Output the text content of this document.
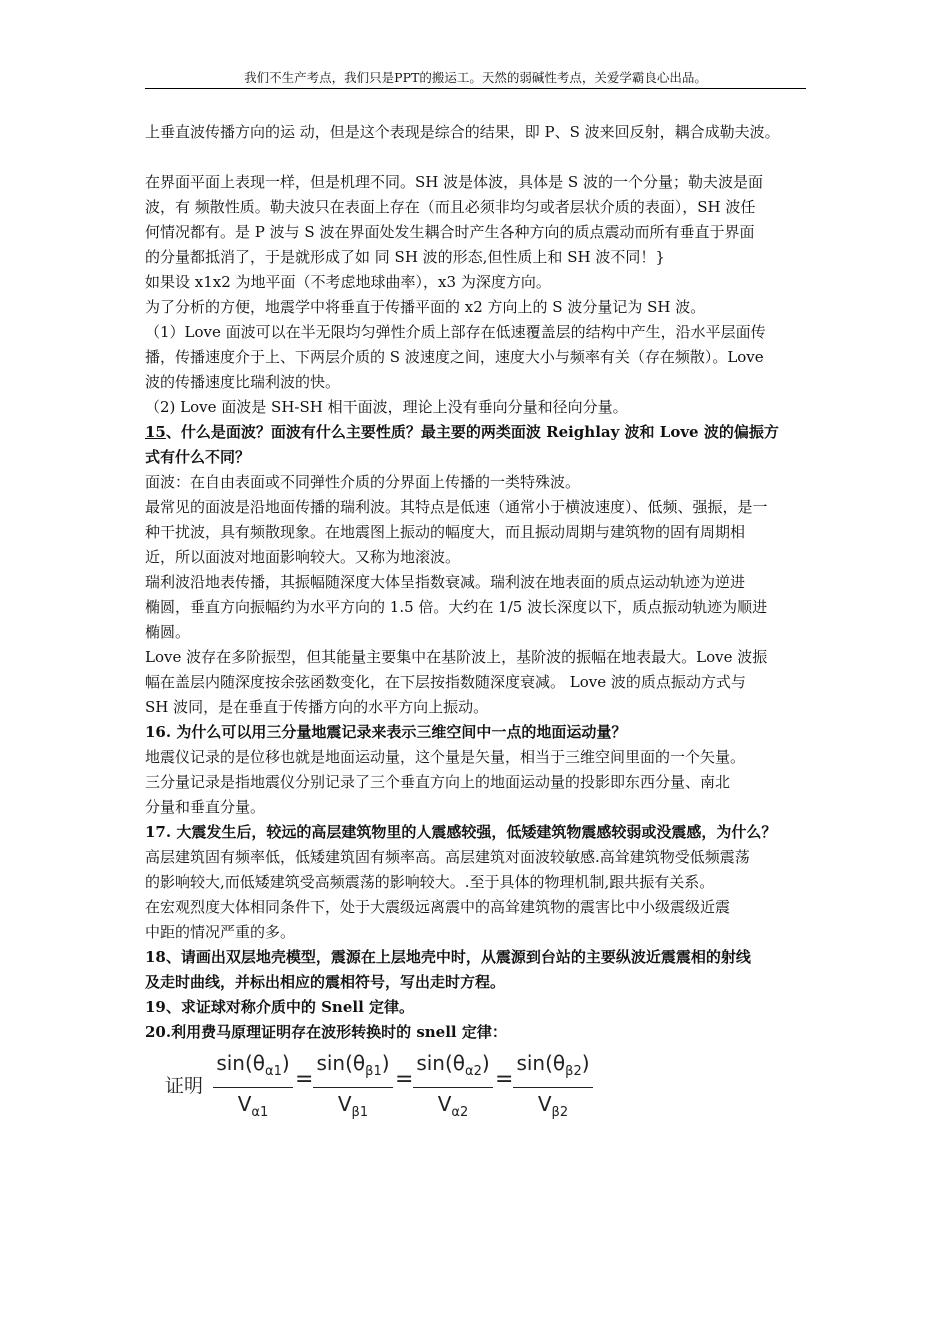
我们不生产考点，我们只是PPT的搬运工。天然的弱碱性考点，关爱学霸良心出品。

上垂直波传播方向的运 动，但是这个表现是综合的结果，即 P、S 波来回反射，耦合成勒夫波。

在界面平面上表现一样，但是机理不同。SH 波是体波，具体是 S 波的一个分量；勒夫波是面

波，有 频散性质。勒夫波只在表面上存在（而且必须非均匀或者层状介质的表面），SH 波任

何情况都有。是 P 波与 S 波在界面处发生耦合时产生各种方向的质点震动而所有垂直于界面

的分量都抵消了，于是就形成了如 同 SH 波的形态,但性质上和 SH 波不同！}

如果设 x1x2 为地平面（不考虑地球曲率），x3 为深度方向。

为了分析的方便，地震学中将垂直于传播平面的 x2 方向上的 S 波分量记为 SH 波。

（1）Love 面波可以在半无限均匀弹性介质上部存在低速覆盖层的结构中产生，沿水平层面传

播，传播速度介于上、下两层介质的 S 波速度之间，速度大小与频率有关（存在频散）。Love

波的传播速度比瑞利波的快。

（2) Love 面波是 SH-SH 相干面波，理论上没有垂向分量和径向分量。

15、什么是面波？面波有什么主要性质？最主要的两类面波 Reighlay 波和 Love 波的偏振方

式有什么不同？

面波：在自由表面或不同弹性介质的分界面上传播的一类特殊波。

最常见的面波是沿地面传播的瑞利波。其特点是低速（通常小于横波速度）、低频、强振，是一

种干扰波，具有频散现象。在地震图上振动的幅度大，而且振动周期与建筑物的固有周期相

近，所以面波对地面影响较大。又称为地滚波。

瑞利波沿地表传播，其振幅随深度大体呈指数衰减。瑞利波在地表面的质点运动轨迹为逆进

椭圆，垂直方向振幅约为水平方向的 1.5 倍。大约在 1/5 波长深度以下，质点振动轨迹为顺进

椭圆。

Love 波存在多阶振型，但其能量主要集中在基阶波上，基阶波的振幅在地表最大。Love 波振

幅在盖层内随深度按余弦函数变化，在下层按指数随深度衰减。 Love 波的质点振动方式与

SH 波同，是在垂直于传播方向的水平方向上振动。

16. 为什么可以用三分量地震记录来表示三维空间中一点的地面运动量？

地震仪记录的是位移也就是地面运动量，这个量是矢量，相当于三维空间里面的一个矢量。

三分量记录是指地震仪分别记录了三个垂直方向上的地面运动量的投影即东西分量、南北

分量和垂直分量。

17. 大震发生后，较远的高层建筑物里的人震感较强，低矮建筑物震感较弱或没震感，为什么？

高层建筑固有频率低，低矮建筑固有频率高。高层建筑对面波较敏感.高耸建筑物受低频震荡

的影响较大,而低矮建筑受高频震荡的影响较大。.至于具体的物理机制,跟共振有关系。

在宏观烈度大体相同条件下，处于大震级远离震中的高耸建筑物的震害比中小级震级近震

中距的情况严重的多。

18、请画出双层地壳模型，震源在上层地壳中时，从震源到台站的主要纵波近震震相的射线

及走时曲线，并标出相应的震相符号，写出走时方程。

19、求证球对称介质中的 Snell 定律。

20.利用费马原理证明存在波形转换时的 snell 定律：

证明
$\sin(\theta_{\alpha 1})$
$V_{\alpha 1}$
=
$\sin(\theta_{\beta 1})$
$V_{\beta 1}$
=
$\sin(\theta_{\alpha 2})$
$V_{\alpha 2}$
=
$\sin(\theta_{\beta 2})$
$V_{\beta 2}$
